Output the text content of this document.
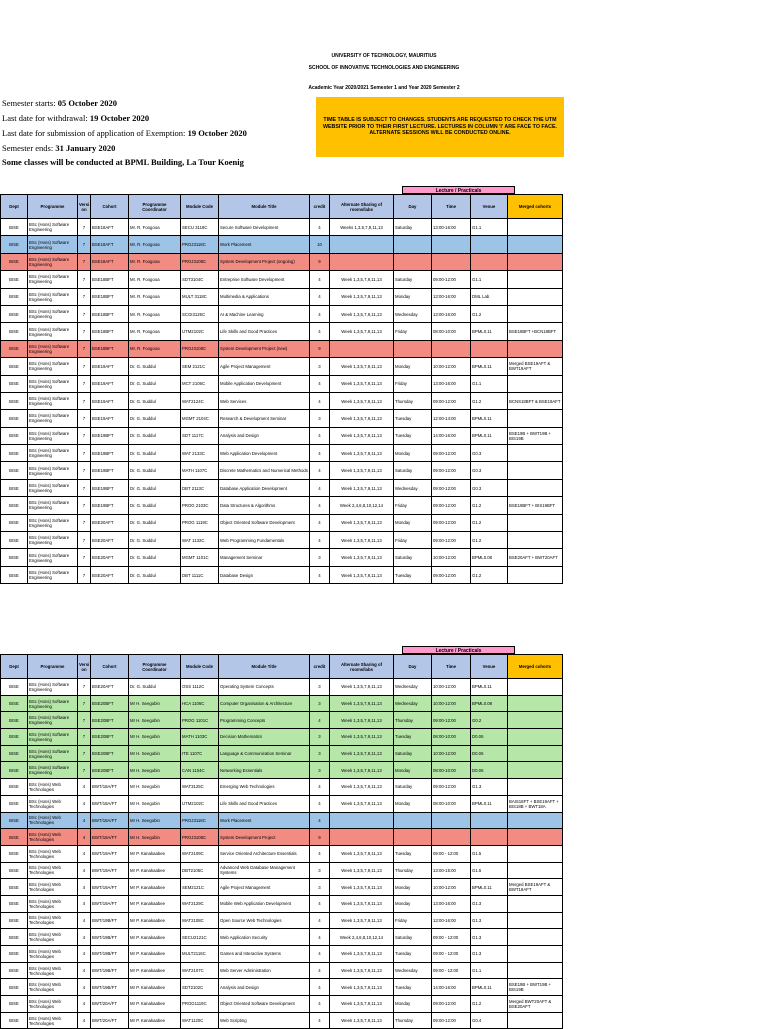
UNIVERSITY OF TECHNOLOGY, MAURITIUS
SCHOOL OF INNOVATIVE TECHNOLOGIES AND ENGINEERING
Academic Year 2020/2021 Semester 1 and Year 2020 Semester 2
Semester starts: 05 October 2020
Last date for withdrawal: 19 October 2020
Last date for submission of application of Exemption: 19 October 2020
Semester ends: 31 January 2020
Some classes will be conducted at BPML Building, La Tour Koenig
TIME TABLE IS SUBJECT TO CHANGES. STUDENTS ARE REQUESTED TO CHECK THE UTM WEBSITE PRIOR TO THEIR FIRST LECTURE. LECTURES IN COLUMN 'I' ARE FACE TO FACE. ALTERNATE SESSIONS WILL BE CONDUCTED ONLINE.
Lecture / Practicals
Dept	Programme	Versi on	Cohort	Programme Coordinator	Module Code	Module Title	credit	Alternate Sharing of rooms/labs	Day	Time	Venue	Merged cohorts
BISE	BSc (Hons) Software Engineering	7	BSE18AFT	Mr. R. Foogooa	SECU 3118C	Secure Software Development	4	Weeks 1,3,5,7,9,11,13	Saturday	13:00-16:00	G1.1	
BISE	BSc (Hons) Software Engineering	7	BSE18AFT	Mr. R. Foogooa	PROJ3118C	Work Placement	10					
BISE	BSc (Hons) Software Engineering	7	BSE18AFT	Mr. R. Foogooa	PROJ3108C	System Development Project (ongoing)	9					
BISE	BSc (Hons) Software Engineering	7	BSE18BFT	Mr. R. Foogooa	SDT3104C	Entreprise Software Development	4	Week 1,3,5,7,9,11,13	Saturday	09:00-12:00	G1.1	
BISE	BSc (Hons) Software Engineering	7	BSE18BFT	Mr. R. Foogooa	MULT 3118C	Multimedia & Applications	4	Week 1,3,5,7,9,11,13	Monday	13:00-16:00	DML Lab	
BISE	BSc (Hons) Software Engineering	7	BSE18BFT	Mr. R. Foogooa	SCGI3126C	AI & Machine Learning	4	Week 1,3,5,7,9,11,13	Wednesday	13:00-16:00	G1.2	
BISE	BSc (Hons) Software Engineering	7	BSE18BFT	Mr. R. Foogooa	UTM2102C	Life Skills and Good Practices	4	Week 1,3,5,7,9,11,13	Friday	08:00-10:00	BPML0.11	BSE18BFT +BCN18BFT
BISE	BSc (Hons) Software Engineering	7	BSE18BFT	Mr. R. Foogooa	PROJ3108C	System Development Project (new)	9					
BISE	BSc (Hons) Software Engineering	7	BSE19AFT	Dr. G. Suddul	SEM 2121C	Agile Project Management	3	Week 1,3,5,7,9,11,13	Monday	10:00-12:00	BPML0.11	Merged BSE19AFT & BWT19AFT
BISE	BSc (Hons) Software Engineering	7	BSE19AFT	Dr. G. Suddul	MCT 2106C	Mobile Application Development	4	Week 1,3,5,7,9,11,13	Friday	13:00-16:00	G1.1	
BISE	BSc (Hons) Software Engineering	7	BSE19AFT	Dr. G. Suddul	WAT2124C	Web Services	4	Week 1,3,5,7,9,11,13	Thursday	09:00-12:00	G1.2	BCNS18BFT & BSE19AFT
BISE	BSc (Hons) Software Engineering	7	BSE19AFT	Dr. G. Suddul	MGMT 2104C	Research & Development Seminar	3	Week 1,3,5,7,9,11,13	Tuesday	12:00-14:00	BPML0.11	
BISE	BSc (Hons) Software Engineering	7	BSE19BFT	Dr. G. Suddul	SDT 1117C	Analysis and Design	4	Week 1,3,5,7,9,11,13	Tuesday	14:00-16:00	BPML0.11	BSE19B + BWT19B + BIS19B
BISE	BSc (Hons) Software Engineering	7	BSE19BFT	Dr. G. Suddul	WAT 2133C	Web Application Development	4	Week 1,3,5,7,9,11,13	Monday	09:00-12:00	G0.3	
BISE	BSc (Hons) Software Engineering	7	BSE19BFT	Dr. G. Suddul	MATH 1107C	Discrete Mathematics and Numerical Methods	4	Week 1,3,5,7,9,11,13	Saturday	09:00-12:00	G0.3	
BISE	BSc (Hons) Software Engineering	7	BSE19BFT	Dr. G. Suddul	DBT 2113C	Database Application Development	4	Week 1,3,5,7,9,11,13	Wednesday	09:00-12:00	G0.3	
BISE	BSc (Hons) Software Engineering	7	BSE19BFT	Dr. G. Suddul	PROG 2103C	Data Structures & Algorithms	4	Week 2,4,6,8,10,12,14	Friday	09:00-12:00	G1.2	BSE19BFT + BIS19BFT
BISE	BSc (Hons) Software Engineering	7	BSE20AFT	Dr. G. Suddul	PROG 1119C	Object Oriented Software Development	4	Week 1,3,5,7,9,11,13	Monday	09:00-12:00	G1.2	
BISE	BSc (Hons) Software Engineering	7	BSE20AFT	Dr. G. Suddul	WAT 1132C	Web Programming Fundamentals	4	Week 1,3,5,7,9,11,13	Friday	09:00-12:00	G1.2	
BISE	BSc (Hons) Software Engineering	7	BSE20AFT	Dr. G. Suddul	MGMT 1101C	Management Seminar	3	Week 1,3,5,7,9,11,13	Saturday	10:00-12:00	BPML0.08	BSE20AFT + BWT20AFT
BISE	BSc (Hons) Software Engineering	7	BSE20AFT	Dr. G. Suddul	DBT 1111C	Database Design	4	Week 1,3,5,7,9,11,13	Tuesday	09:00-12:00	G1.2	
Lecture / Practicals
Dept	Programme	Versi on	Cohort	Programme Coordinator	Module Code	Module Title	credit	Alternate Sharing of rooms/labs	Day	Time	Venue	Merged cohorts
BISE	BSc (Hons) Software Engineering	7	BSE20AFT	Dr. G. Suddul	OSS 1112C	Operating System Concepts	3	Week 1,3,5,7,9,11,13	Wednesday	10:00-12:00	BPML0.11	
BISE	BSc (Hons) Software Engineering	7	BSE20BFT	Mr H. Seegobin	HCA 1106C	Computer Organisation & Architecture	3	Week 1,3,5,7,9,11,13	Wednesday	10:00-12:00	BPML0.08	
BISE	BSc (Hons) Software Engineering	7	BSE20BFT	Mr H. Seegobin	PROG 1101C	Programming Concepts	4	Week 1,3,5,7,9,11,13	Thursday	09:00-12:00	G0.2	
BISE	BSc (Hons) Software Engineering	7	BSE20BFT	Mr H. Seegobin	MATH 1103C	Decision Mathematics	3	Week 1,3,5,7,9,11,13	Tuesday	08:00-10:00	D0.06	
BISE	BSc (Hons) Software Engineering	7	BSE20BFT	Mr H. Seegobin	ITE 1107C	Language & Communication Seminar	3	Week 1,3,5,7,9,11,13	Saturday	10:00-12:00	D0.06	
BISE	BSc (Hons) Software Engineering	7	BSE20BFT	Mr H. Seegobin	CAN 1104C	Networking Essentials	3	Week 1,3,5,7,9,11,13	Monday	08:00-10:00	D0.06	
BISE	BSc (Hons) Web Technologies	4	BWT/18A/FT	Mr H. Seegobin	WAT3125C	Emerging Web Technologies	4	Week 1,3,5,7,9,11,13	Saturday	09:00-12:00	G1.3	
BISE	BSc (Hons) Web Technologies	4	BWT/18A/FT	Mr H. Seegobin	UTM2102C	Life Skills and Good Practices	4	Week 1,3,5,7,9,11,13	Monday	08:00-10:00	BPML0.11	BAIS18FT + BSE19AFT + BIS18B + BWT18A
BISE	BSc (Hons) Web Technologies	4	BWT/18A/FT	Mr H. Seegobin	PROJ3118C	Work Placement	4					
BISE	BSc (Hons) Web Technologies	4	BWT/18A/FT	Mr H. Seegobin	PROJ3108C	System Development Project	9					
BISE	BSc (Hons) Web Technologies	4	BWT/19A/FT	Mr P. Kanakaabee	WAT2109C	Service Oriented Architecture Essentials	4	Week 1,3,5,7,9,11,13	Tuesday	09:00 - 12:00	G1.5	
BISE	BSc (Hons) Web Technologies	4	BWT/19A/FT	Mr P. Kanakaabee	DBT2105C	Advanced Web Database Management Systems	3	Week 1,3,5,7,9,11,13	Thursday	13:00-15:00	G1.5	
BISE	BSc (Hons) Web Technologies	4	BWT/19A/FT	Mr P. Kanakaabee	SEM2121C	Agile Project Management	3	Week 1,3,5,7,9,11,13	Monday	10:00-12:00	BPML0.11	Merged BSE19AFT & BWT19AFT
BISE	BSc (Hons) Web Technologies	4	BWT/19A/FT	Mr P. Kanakaabee	WAT2129C	Mobile Web Application Development	4	Week 1,3,5,7,9,11,13	Monday	13:00-16:00	G1.3	
BISE	BSc (Hons) Web Technologies	4	BWT/19B/FT	Mr P. Kanakaabee	WAT2108C	Open Source Web Technologies	4	Week 1,3,5,7,9,11,13	Friday	13:00-16:00	G1.3	
BISE	BSc (Hons) Web Technologies	4	BWT/19B/FT	Mr P. Kanakaabee	SECU2121C	Web Application Security	4	Week 2,4,6,8,10,12,14	Saturday	09:00 - 12:00	G1.3	
BISE	BSc (Hons) Web Technologies	4	BWT/19B/FT	Mr P. Kanakaabee	MULT2116C	Games and Interactive Systems	4	Week 1,3,5,7,9,11,13	Tuesday	09:00 - 12:00	G1.3	
BISE	BSc (Hons) Web Technologies	4	BWT/19B/FT	Mr P. Kanakaabee	WAT2107C	Web Server Administration	4	Week 1,3,5,7,9,11,13	Wednesday	09:00 - 12:00	G1.1	
BISE	BSc (Hons) Web Technologies	4	BWT/19B/FT	Mr P. Kanakaabee	SDT2102C	Analysis and Design	4	Week 1,3,5,7,9,11,13	Tuesday	14:00-16:00	BPML0.11	BSE19B + BWT19B + BIS19B
BISE	BSc (Hons) Web Technologies	4	BWT/20A/FT	Mr P. Kanakaabee	PROG1119C	Object Oriented Software Development	4	Week 1,3,5,7,9,11,13	Monday	09:00-12:00	G1.2	Merged BWT20AFT & BSE20AFT
BISE	BSc (Hons) Web Technologies	4	BWT/20A/FT	Mr P. Kanakaabee	WAT1120C	Web Scripting	4	Week 1,3,5,7,9,11,13	Thursday	09:00-12:00	G0.4	
